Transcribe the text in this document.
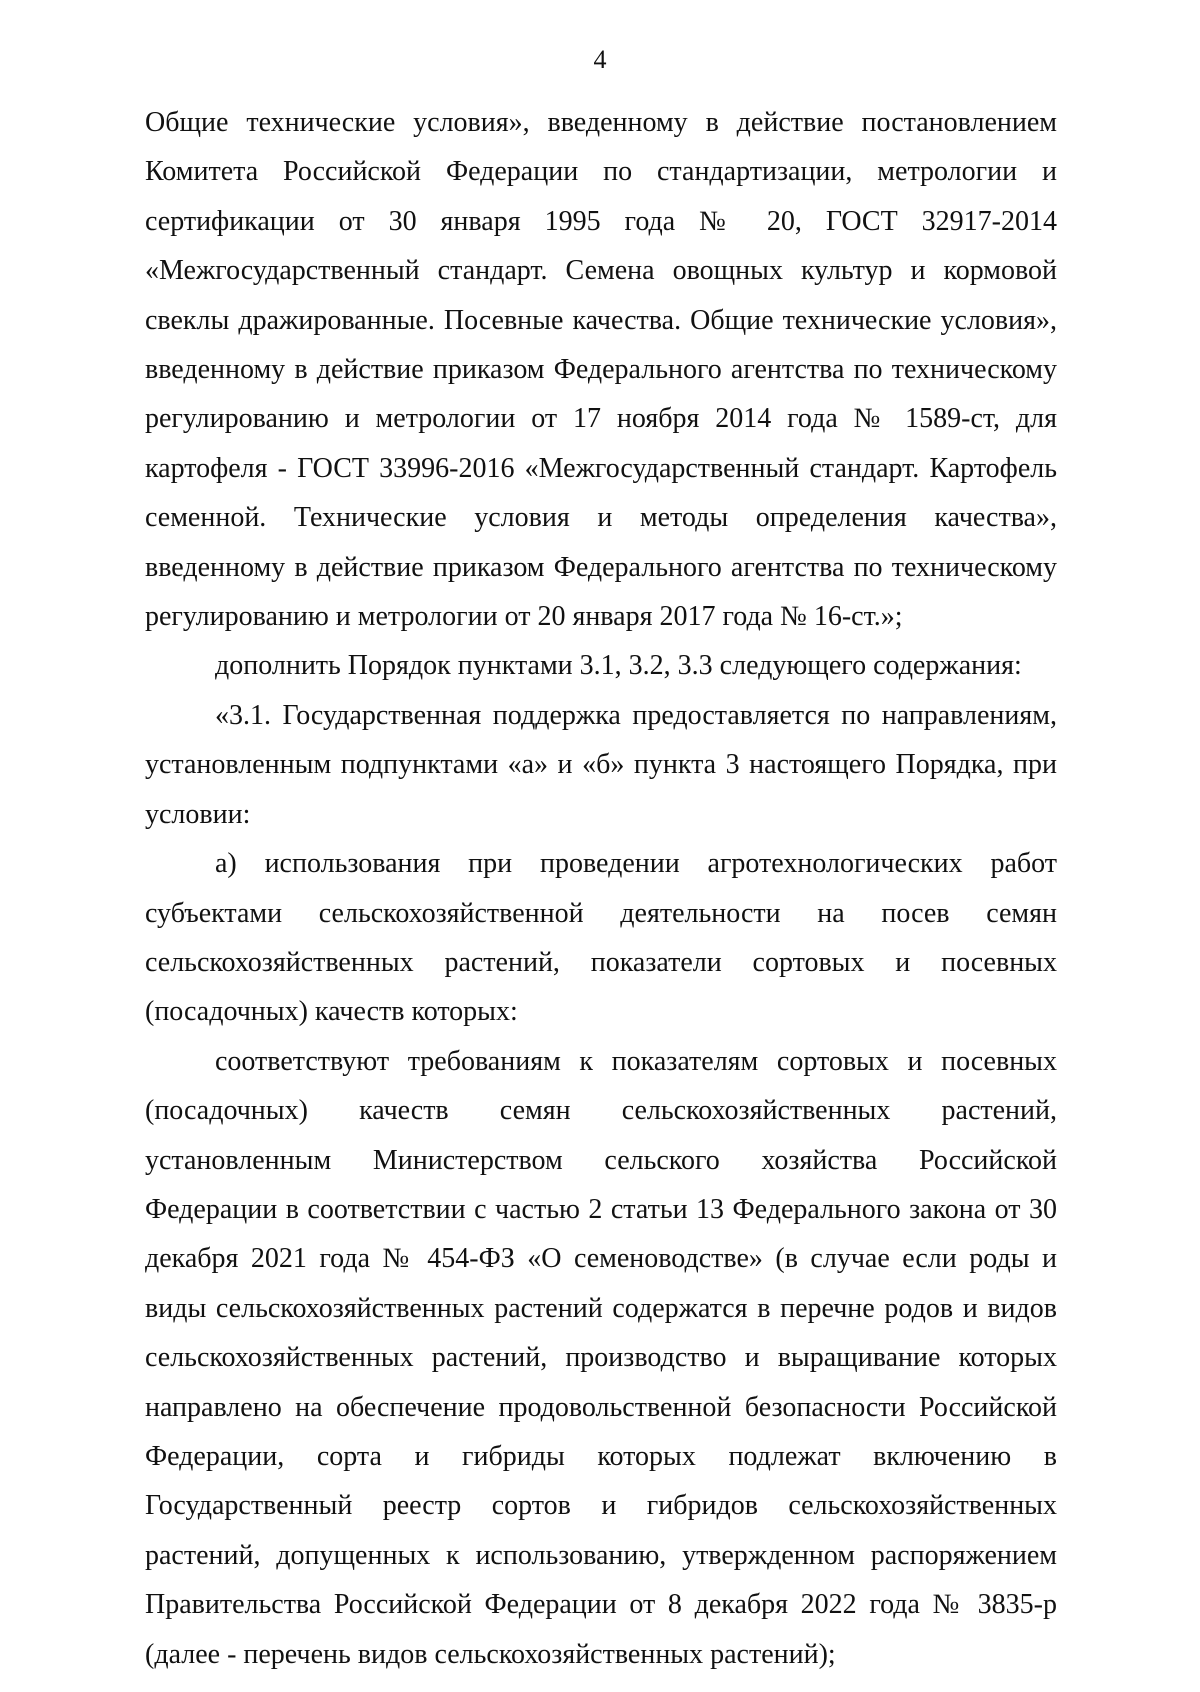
4

Общие технические условия», введенному в действие постановлением Комитета Российской Федерации по стандартизации, метрологии и сертификации от 30 января 1995 года № 20, ГОСТ 32917-2014 «Межгосударственный стандарт. Семена овощных культур и кормовой свеклы дражированные. Посевные качества. Общие технические условия», введенному в действие приказом Федерального агентства по техническому регулированию и метрологии от 17 ноября 2014 года № 1589-ст, для картофеля - ГОСТ 33996-2016 «Межгосударственный стандарт. Картофель семенной. Технические условия и методы определения качества», введенному в действие приказом Федерального агентства по техническому регулированию и метрологии от 20 января 2017 года № 16-ст.»;

дополнить Порядок пунктами 3.1, 3.2, 3.3 следующего содержания:

«3.1. Государственная поддержка предоставляется по направлениям, установленным подпунктами «а» и «б» пункта 3 настоящего Порядка, при условии:

а) использования при проведении агротехнологических работ субъектами сельскохозяйственной деятельности на посев семян сельскохозяйственных растений, показатели сортовых и посевных (посадочных) качеств которых:

соответствуют требованиям к показателям сортовых и посевных (посадочных) качеств семян сельскохозяйственных растений, установленным Министерством сельского хозяйства Российской Федерации в соответствии с частью 2 статьи 13 Федерального закона от 30 декабря 2021 года № 454-ФЗ «О семеноводстве» (в случае если роды и виды сельскохозяйственных растений содержатся в перечне родов и видов сельскохозяйственных растений, производство и выращивание которых направлено на обеспечение продовольственной безопасности Российской Федерации, сорта и гибриды которых подлежат включению в Государственный реестр сортов и гибридов сельскохозяйственных растений, допущенных к использованию, утвержденном распоряжением Правительства Российской Федерации от 8 декабря 2022 года № 3835-р (далее - перечень видов сельскохозяйственных растений);
